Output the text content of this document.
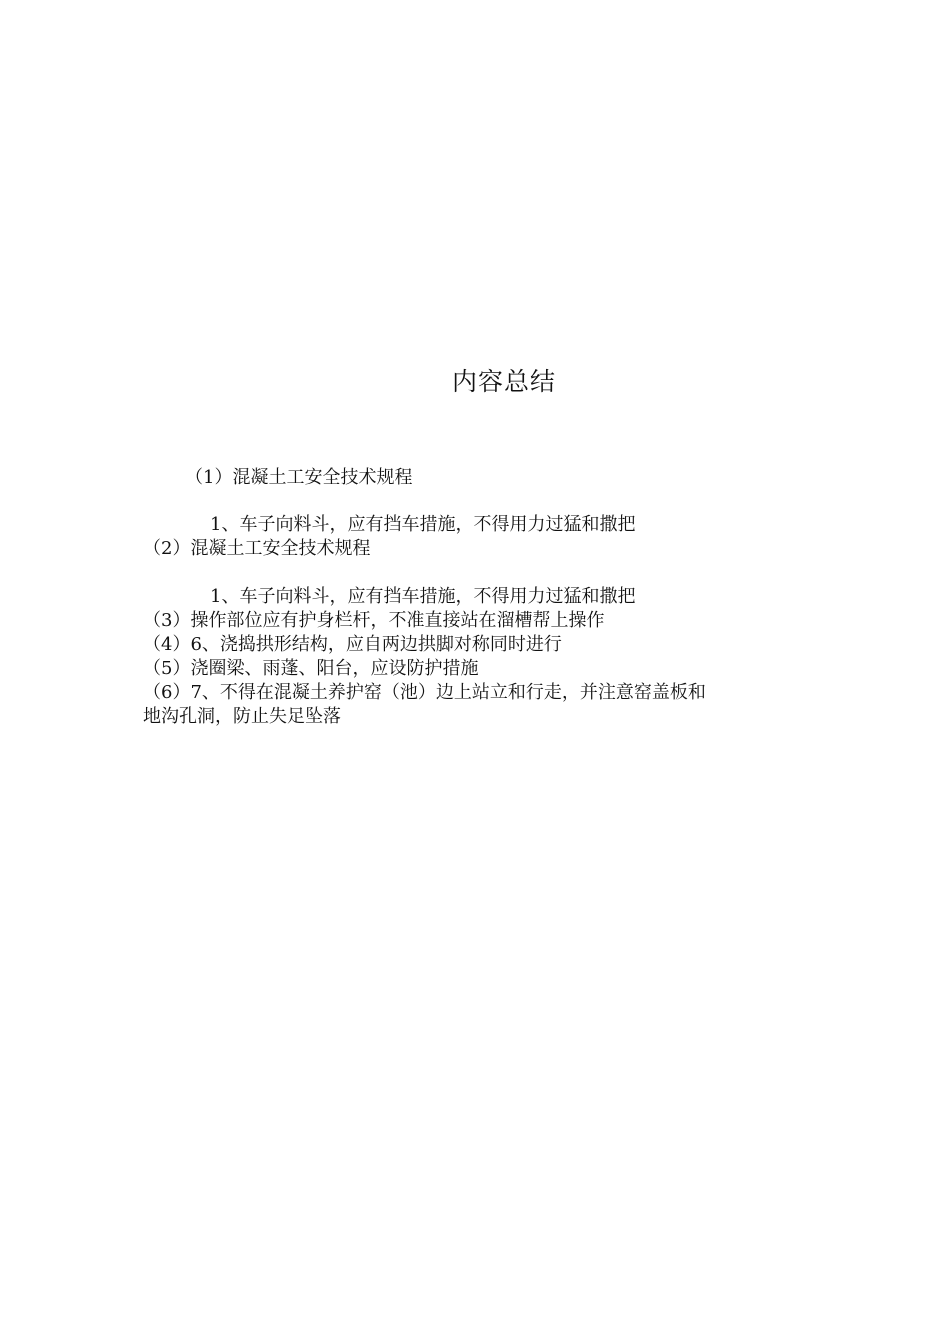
内容总结
（1）混凝土工安全技术规程
1、车子向料斗，应有挡车措施，不得用力过猛和撒把
（2）混凝土工安全技术规程
1、车子向料斗，应有挡车措施，不得用力过猛和撒把
（3）操作部位应有护身栏杆，不准直接站在溜槽帮上操作
（4）6、浇捣拱形结构，应自两边拱脚对称同时进行
（5）浇圈梁、雨蓬、阳台，应设防护措施
（6）7、不得在混凝土养护窑（池）边上站立和行走，并注意窑盖板和
地沟孔洞，防止失足坠落
